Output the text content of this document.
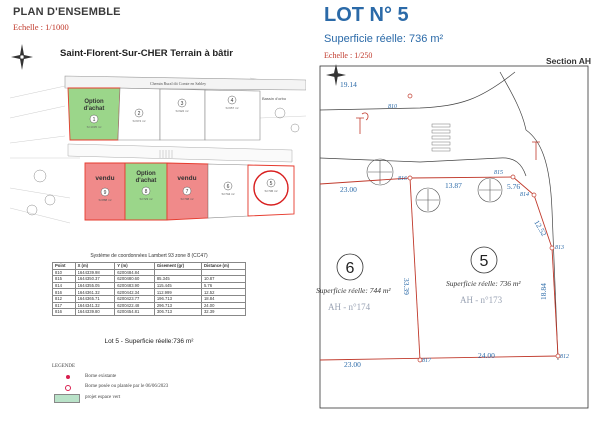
PLAN D'ENSEMBLE
Echelle : 1/1000
Saint-Florent-Sur-CHER Terrain à bâtir
Chemin Rural dit Comte en Sabley
Bassin d'orbo
Option d'achat
1
S=1035 m²
2
S=674 m²
3
S=922 m²
4
S=657 m²
vendu
9
S=888 m²
Option d'achat
8
S=723 m²
vendu
7
S=798 m²
6
S=744 m²
5
S=736 m²
Système de coordonnées Lambert 93 zone 8 (CC47)
Point	X (m)	Y (m)	Gisement (gr)	Distance (m)
810	1644339.98	6200484.84		
815	1644350.37	6200480.60	85.345	10.87
814	1644355.05	6200483.90	115.445	5.76
816	1644361.32	6200442.34	112.999	12.52
812	1644365.71	6200423.77	196.713	18.84
817	1644341.32	6200422.48	296.713	24.00
816	1644339.80	6200454.81	306.713	32.39
Lot 5 - Superficie réelle:736 m²
LEGENDE
Borne existante
Borne posée ou plantée par le 06/06/2023
projet espace vert
LOT N° 5
Superficie réelle: 736 m²
Echelle : 1/250
Section AH
19.14
23.00	13.87	5.76
12.52
33.39	18.84
23.00
24.00
810
816
815
814
813
817
812
6
Superficie réelle: 744 m²
AH - n°174
5
Superficie réelle: 736 m²
AH - n°173
